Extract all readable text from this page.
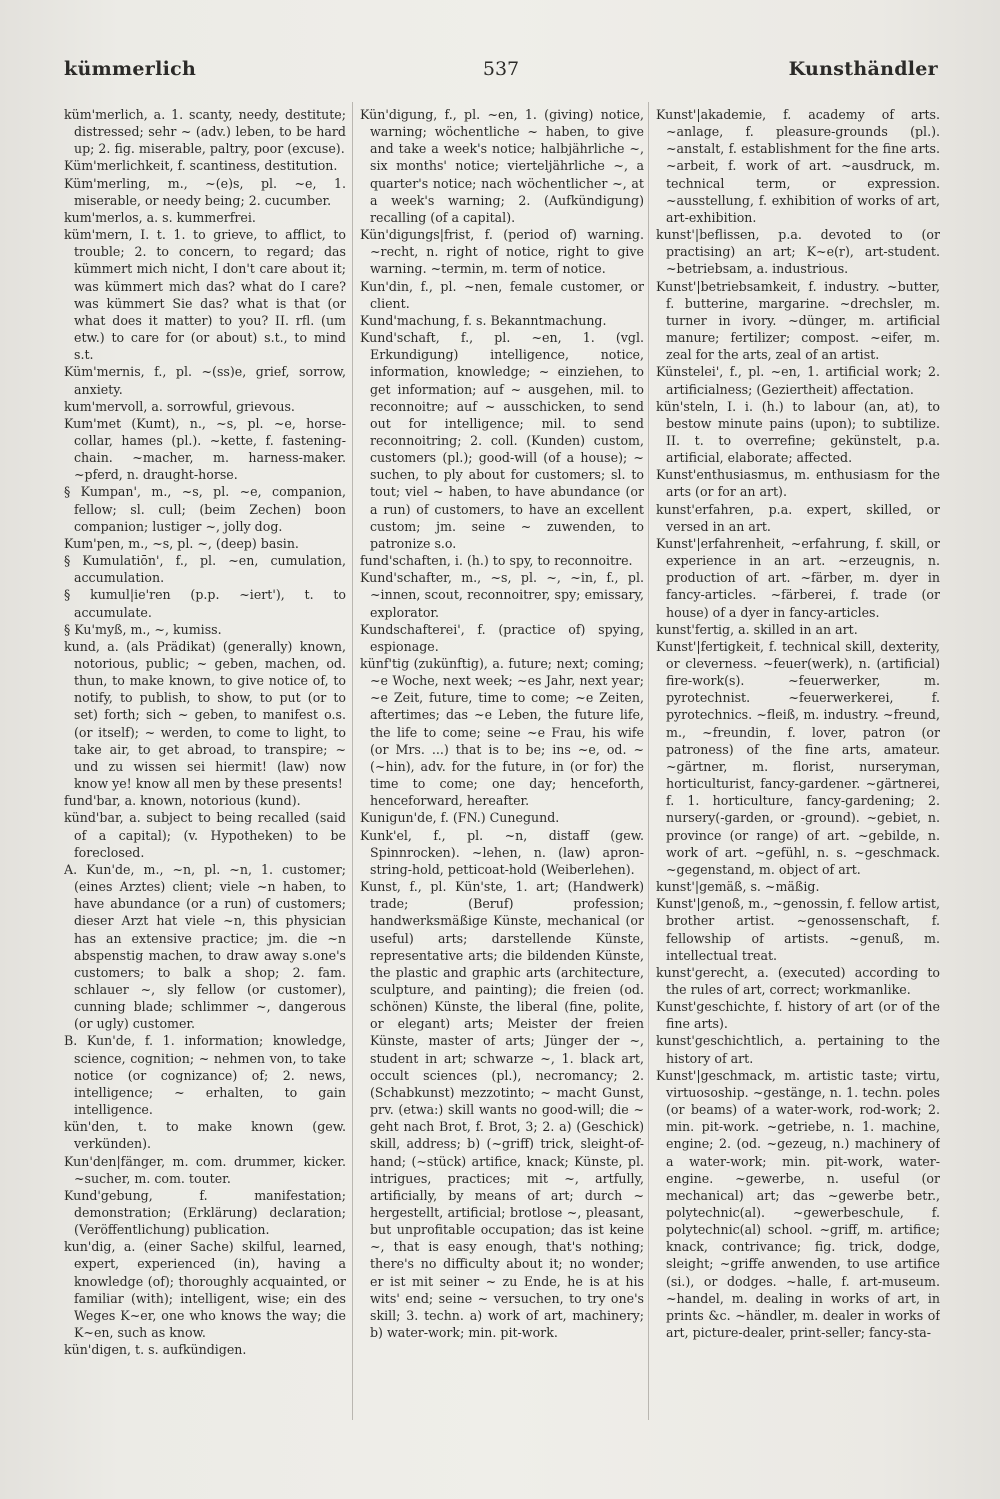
kümmerlich	537	Kunsthändler

küm'merlich, a. 1. scanty, needy, destitute; distressed; sehr ~ (adv.) leben, to be hard up; 2. fig. miserable, paltry, poor (excuse).

Küm'merlichkeit, f. scantiness, destitution.

Küm'merling, m., ~(e)s, pl. ~e, 1. miserable, or needy being; 2. cucumber.

kum'merlos, a. s. kummerfrei.

küm'mern, I. t. 1. to grieve, to afflict, to trouble; 2. to concern, to regard; das kümmert mich nicht, I don't care about it; was kümmert mich das? what do I care? was kümmert Sie das? what is that (or what does it matter) to you? II. rfl. (um etw.) to care for (or about) s.t., to mind s.t.

Küm'mernis, f., pl. ~(ss)e, grief, sorrow, anxiety.

kum'mervoll, a. sorrowful, grievous.

Kum'met (Kumt), n., ~s, pl. ~e, horse-collar, hames (pl.). ~kette, f. fastening-chain. ~macher, m. harness-maker. ~pferd, n. draught-horse.

§ Kumpan', m., ~s, pl. ~e, companion, fellow; sl. cull; (beim Zechen) boon companion; lustiger ~, jolly dog.

Kum'pen, m., ~s, pl. ~, (deep) basin.

§ Kumulatiōn', f., pl. ~en, cumulation, accumulation.

§ kumul|ie'ren (p.p. ~iert'), t. to accumulate.

§ Ku'myß, m., ~, kumiss.

kund, a. (als Prädikat) (generally) known, notorious, public; ~ geben, machen, od. thun, to make known, to give notice of, to notify, to publish, to show, to put (or to set) forth; sich ~ geben, to manifest o.s. (or itself); ~ werden, to come to light, to take air, to get abroad, to transpire; ~ und zu wissen sei hiermit! (law) now know ye! know all men by these presents!

fund'bar, a. known, notorious (kund).

künd'bar, a. subject to being recalled (said of a capital); (v. Hypotheken) to be foreclosed.

A. Kun'de, m., ~n, pl. ~n, 1. customer; (eines Arztes) client; viele ~n haben, to have abundance (or a run) of customers; dieser Arzt hat viele ~n, this physician has an extensive practice; jm. die ~n abspenstig machen, to draw away s.one's customers; to balk a shop; 2. fam. schlauer ~, sly fellow (or customer), cunning blade; schlimmer ~, dangerous (or ugly) customer.

B. Kun'de, f. 1. information; knowledge, science, cognition; ~ nehmen von, to take notice (or cognizance) of; 2. news, intelligence; ~ erhalten, to gain intelligence.

kün'den, t. to make known (gew. verkünden).

Kun'den|fänger, m. com. drummer, kicker. ~sucher, m. com. touter.

Kund'gebung, f. manifestation; demonstration; (Erklärung) declaration; (Veröffentlichung) publication.

kun'dig, a. (einer Sache) skilful, learned, expert, experienced (in), having a knowledge (of); thoroughly acquainted, or familiar (with); intelligent, wise; ein des Weges K~er, one who knows the way; die K~en, such as know.

kün'digen, t. s. aufkündigen.

Kün'digung, f., pl. ~en, 1. (giving) notice, warning; wöchentliche ~ haben, to give and take a week's notice; halbjährliche ~, six months' notice; vierteljährliche ~, a quarter's notice; nach wöchentlicher ~, at a week's warning; 2. (Aufkündigung) recalling (of a capital).

Kün'digungs|frist, f. (period of) warning. ~recht, n. right of notice, right to give warning. ~termin, m. term of notice.

Kun'din, f., pl. ~nen, female customer, or client.

Kund'machung, f. s. Bekanntmachung.

Kund'schaft, f., pl. ~en, 1. (vgl. Erkundigung) intelligence, notice, information, knowledge; ~ einziehen, to get information; auf ~ ausgehen, mil. to reconnoitre; auf ~ ausschicken, to send out for intelligence; mil. to send reconnoitring; 2. coll. (Kunden) custom, customers (pl.); good-will (of a house); ~ suchen, to ply about for customers; sl. to tout; viel ~ haben, to have abundance (or a run) of customers, to have an excellent custom; jm. seine ~ zuwenden, to patronize s.o.

fund'schaften, i. (h.) to spy, to reconnoitre.

Kund'schafter, m., ~s, pl. ~, ~in, f., pl. ~innen, scout, reconnoitrer, spy; emissary, explorator.

Kundschafterei', f. (practice of) spying, espionage.

künf'tig (zukünftig), a. future; next; coming; ~e Woche, next week; ~es Jahr, next year; ~e Zeit, future, time to come; ~e Zeiten, aftertimes; das ~e Leben, the future life, the life to come; seine ~e Frau, his wife (or Mrs. ...) that is to be; ins ~e, od. ~ (~hin), adv. for the future, in (or for) the time to come; one day; henceforth, henceforward, hereafter.

Kunigun'de, f. (FN.) Cunegund.

Kunk'el, f., pl. ~n, distaff (gew. Spinnrocken). ~lehen, n. (law) apron-string-hold, petticoat-hold (Weiberlehen).

Kunst, f., pl. Kün'ste, 1. art; (Handwerk) trade; (Beruf) profession; handwerksmäßige Künste, mechanical (or useful) arts; darstellende Künste, representative arts; die bildenden Künste, the plastic and graphic arts (architecture, sculpture, and painting); die freien (od. schönen) Künste, the liberal (fine, polite, or elegant) arts; Meister der freien Künste, master of arts; Jünger der ~, student in art; schwarze ~, 1. black art, occult sciences (pl.), necromancy; 2. (Schabkunst) mezzotinto; ~ macht Gunst, prv. (etwa:) skill wants no good-will; die ~ geht nach Brot, f. Brot, 3; 2. a) (Geschick) skill, address; b) (~griff) trick, sleight-of-hand; (~stück) artifice, knack; Künste, pl. intrigues, practices; mit ~, artfully, artificially, by means of art; durch ~ hergestellt, artificial; brotlose ~, pleasant, but unprofitable occupation; das ist keine ~, that is easy enough, that's nothing; there's no difficulty about it; no wonder; er ist mit seiner ~ zu Ende, he is at his wits' end; seine ~ versuchen, to try one's skill; 3. techn. a) work of art, machinery; b) water-work; min. pit-work.

Kunst'|akademie, f. academy of arts. ~anlage, f. pleasure-grounds (pl.). ~anstalt, f. establishment for the fine arts. ~arbeit, f. work of art. ~ausdruck, m. technical term, or expression. ~ausstellung, f. exhibition of works of art, art-exhibition.

kunst'|beflissen, p.a. devoted to (or practising) an art; K~e(r), art-student. ~betriebsam, a. industrious.

Kunst'|betriebsamkeit, f. industry. ~butter, f. butterine, margarine. ~drechsler, m. turner in ivory. ~dünger, m. artificial manure; fertilizer; compost. ~eifer, m. zeal for the arts, zeal of an artist.

Künstelei', f., pl. ~en, 1. artificial work; 2. artificialness; (Geziertheit) affectation.

kün'steln, I. i. (h.) to labour (an, at), to bestow minute pains (upon); to subtilize. II. t. to overrefine; gekünstelt, p.a. artificial, elaborate; affected.

Kunst'enthusiasmus, m. enthusiasm for the arts (or for an art).

kunst'erfahren, p.a. expert, skilled, or versed in an art.

Kunst'|erfahrenheit, ~erfahrung, f. skill, or experience in an art. ~erzeugnis, n. production of art. ~färber, m. dyer in fancy-articles. ~färberei, f. trade (or house) of a dyer in fancy-articles.

kunst'fertig, a. skilled in an art.

Kunst'|fertigkeit, f. technical skill, dexterity, or cleverness. ~feuer(werk), n. (artificial) fire-work(s). ~feuerwerker, m. pyrotechnist. ~feuerwerkerei, f. pyrotechnics. ~fleiß, m. industry. ~freund, m., ~freundin, f. lover, patron (or patroness) of the fine arts, amateur. ~gärtner, m. florist, nurseryman, horticulturist, fancy-gardener. ~gärtnerei, f. 1. horticulture, fancy-gardening; 2. nursery(-garden, or -ground). ~gebiet, n. province (or range) of art. ~gebilde, n. work of art. ~gefühl, n. s. ~geschmack. ~gegenstand, m. object of art.

kunst'|gemäß, s. ~mäßig.

Kunst'|genoß, m., ~genossin, f. fellow artist, brother artist. ~genossenschaft, f. fellowship of artists. ~genuß, m. intellectual treat.

kunst'gerecht, a. (executed) according to the rules of art, correct; workmanlike.

Kunst'geschichte, f. history of art (or of the fine arts).

kunst'geschichtlich, a. pertaining to the history of art.

Kunst'|geschmack, m. artistic taste; virtu, virtuosoship. ~gestänge, n. 1. techn. poles (or beams) of a water-work, rod-work; 2. min. pit-work. ~getriebe, n. 1. machine, engine; 2. (od. ~gezeug, n.) machinery of a water-work; min. pit-work, water-engine. ~gewerbe, n. useful (or mechanical) art; das ~gewerbe betr., polytechnic(al). ~gewerbeschule, f. polytechnic(al) school. ~griff, m. artifice; knack, contrivance; fig. trick, dodge, sleight; ~griffe anwenden, to use artifice (si.), or dodges. ~halle, f. art-museum. ~handel, m. dealing in works of art, in prints &c. ~händler, m. dealer in works of art, picture-dealer, print-seller; fancy-sta-
